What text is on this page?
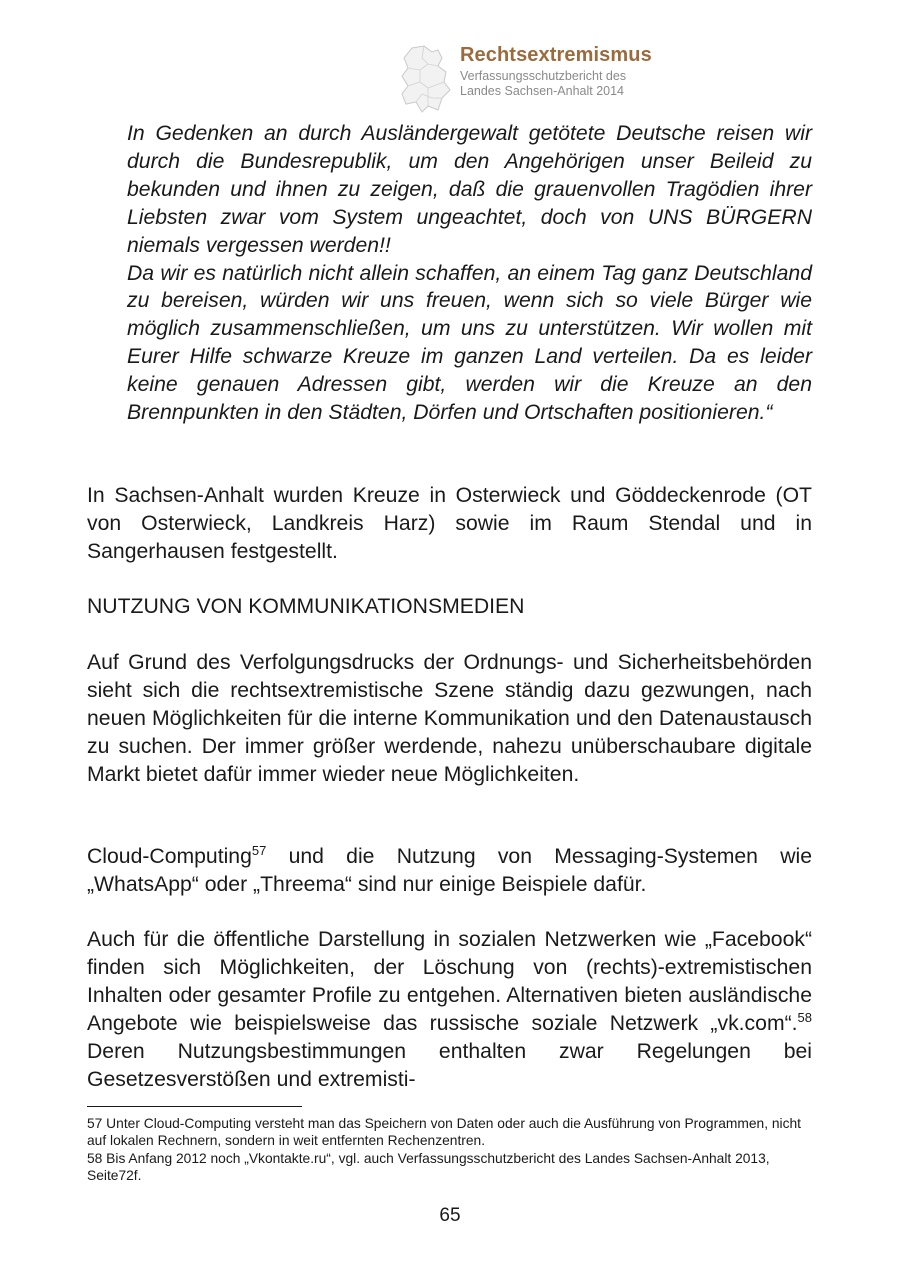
Rechtsextremismus
Verfassungsschutzbericht des
Landes Sachsen-Anhalt 2014

In Gedenken an durch Ausländergewalt getötete Deutsche reisen wir durch die Bundesrepublik, um den Angehörigen unser Beileid zu bekunden und ihnen zu zeigen, daß die grauenvollen Tragödien ihrer Liebsten zwar vom System ungeachtet, doch von UNS BÜRGERN niemals vergessen werden!!

Da wir es natürlich nicht allein schaffen, an einem Tag ganz Deutschland zu bereisen, würden wir uns freuen, wenn sich so viele Bürger wie möglich zusammenschließen, um uns zu unterstützen. Wir wollen mit Eurer Hilfe schwarze Kreuze im ganzen Land verteilen. Da es leider keine genauen Adressen gibt, werden wir die Kreuze an den Brennpunkten in den Städten, Dörfen und Ortschaften positionieren.“

In Sachsen-Anhalt wurden Kreuze in Osterwieck und Göddeckenrode (OT von Osterwieck, Landkreis Harz) sowie im Raum Stendal und in Sangerhausen festgestellt.

NUTZUNG VON KOMMUNIKATIONSMEDIEN

Auf Grund des Verfolgungsdrucks der Ordnungs- und Sicherheitsbehörden sieht sich die rechtsextremistische Szene ständig dazu gezwungen, nach neuen Möglichkeiten für die interne Kommunikation und den Datenaustausch zu suchen. Der immer größer werdende, nahezu unüberschaubare digitale Markt bietet dafür immer wieder neue Möglichkeiten.

Cloud-Computing$^{57}$ und die Nutzung von Messaging-Systemen wie „WhatsApp“ oder „Threema“ sind nur einige Beispiele dafür.

Auch für die öffentliche Darstellung in sozialen Netzwerken wie „Facebook“ finden sich Möglichkeiten, der Löschung von (rechts)-extremistischen Inhalten oder gesamter Profile zu entgehen. Alternativen bieten ausländische Angebote wie beispielsweise das russische soziale Netzwerk „vk.com“.$^{58}$ Deren Nutzungsbestimmungen enthalten zwar Regelungen bei Gesetzesverstößen und extremisti-

57 Unter Cloud-Computing versteht man das Speichern von Daten oder auch die Ausführung von Programmen, nicht auf lokalen Rechnern, sondern in weit entfernten Rechenzentren.

58 Bis Anfang 2012 noch „Vkontakte.ru“, vgl. auch Verfassungsschutzbericht des Landes Sachsen-Anhalt 2013, Seite72f.

65
